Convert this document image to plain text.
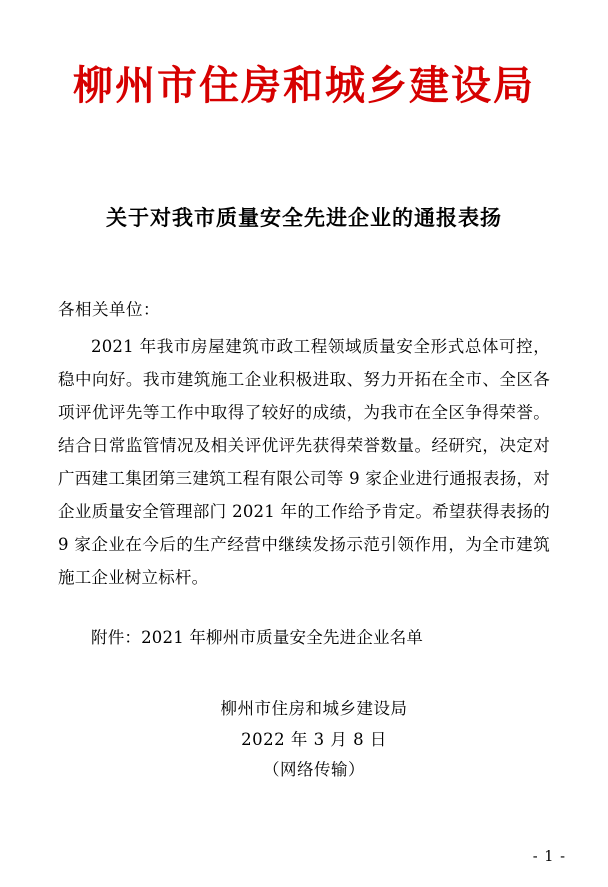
柳州市住房和城乡建设局
关于对我市质量安全先进企业的通报表扬
各相关单位：
2021 年我市房屋建筑市政工程领域质量安全形式总体可控，稳中向好。我市建筑施工企业积极进取、努力开拓在全市、全区各项评优评先等工作中取得了较好的成绩，为我市在全区争得荣誉。结合日常监管情况及相关评优评先获得荣誉数量。经研究，决定对广西建工集团第三建筑工程有限公司等 9 家企业进行通报表扬，对企业质量安全管理部门 2021 年的工作给予肯定。希望获得表扬的 9 家企业在今后的生产经营中继续发扬示范引领作用，为全市建筑施工企业树立标杆。
附件：2021 年柳州市质量安全先进企业名单
柳州市住房和城乡建设局
2022 年 3 月 8 日
（网络传输）
- 1 -
